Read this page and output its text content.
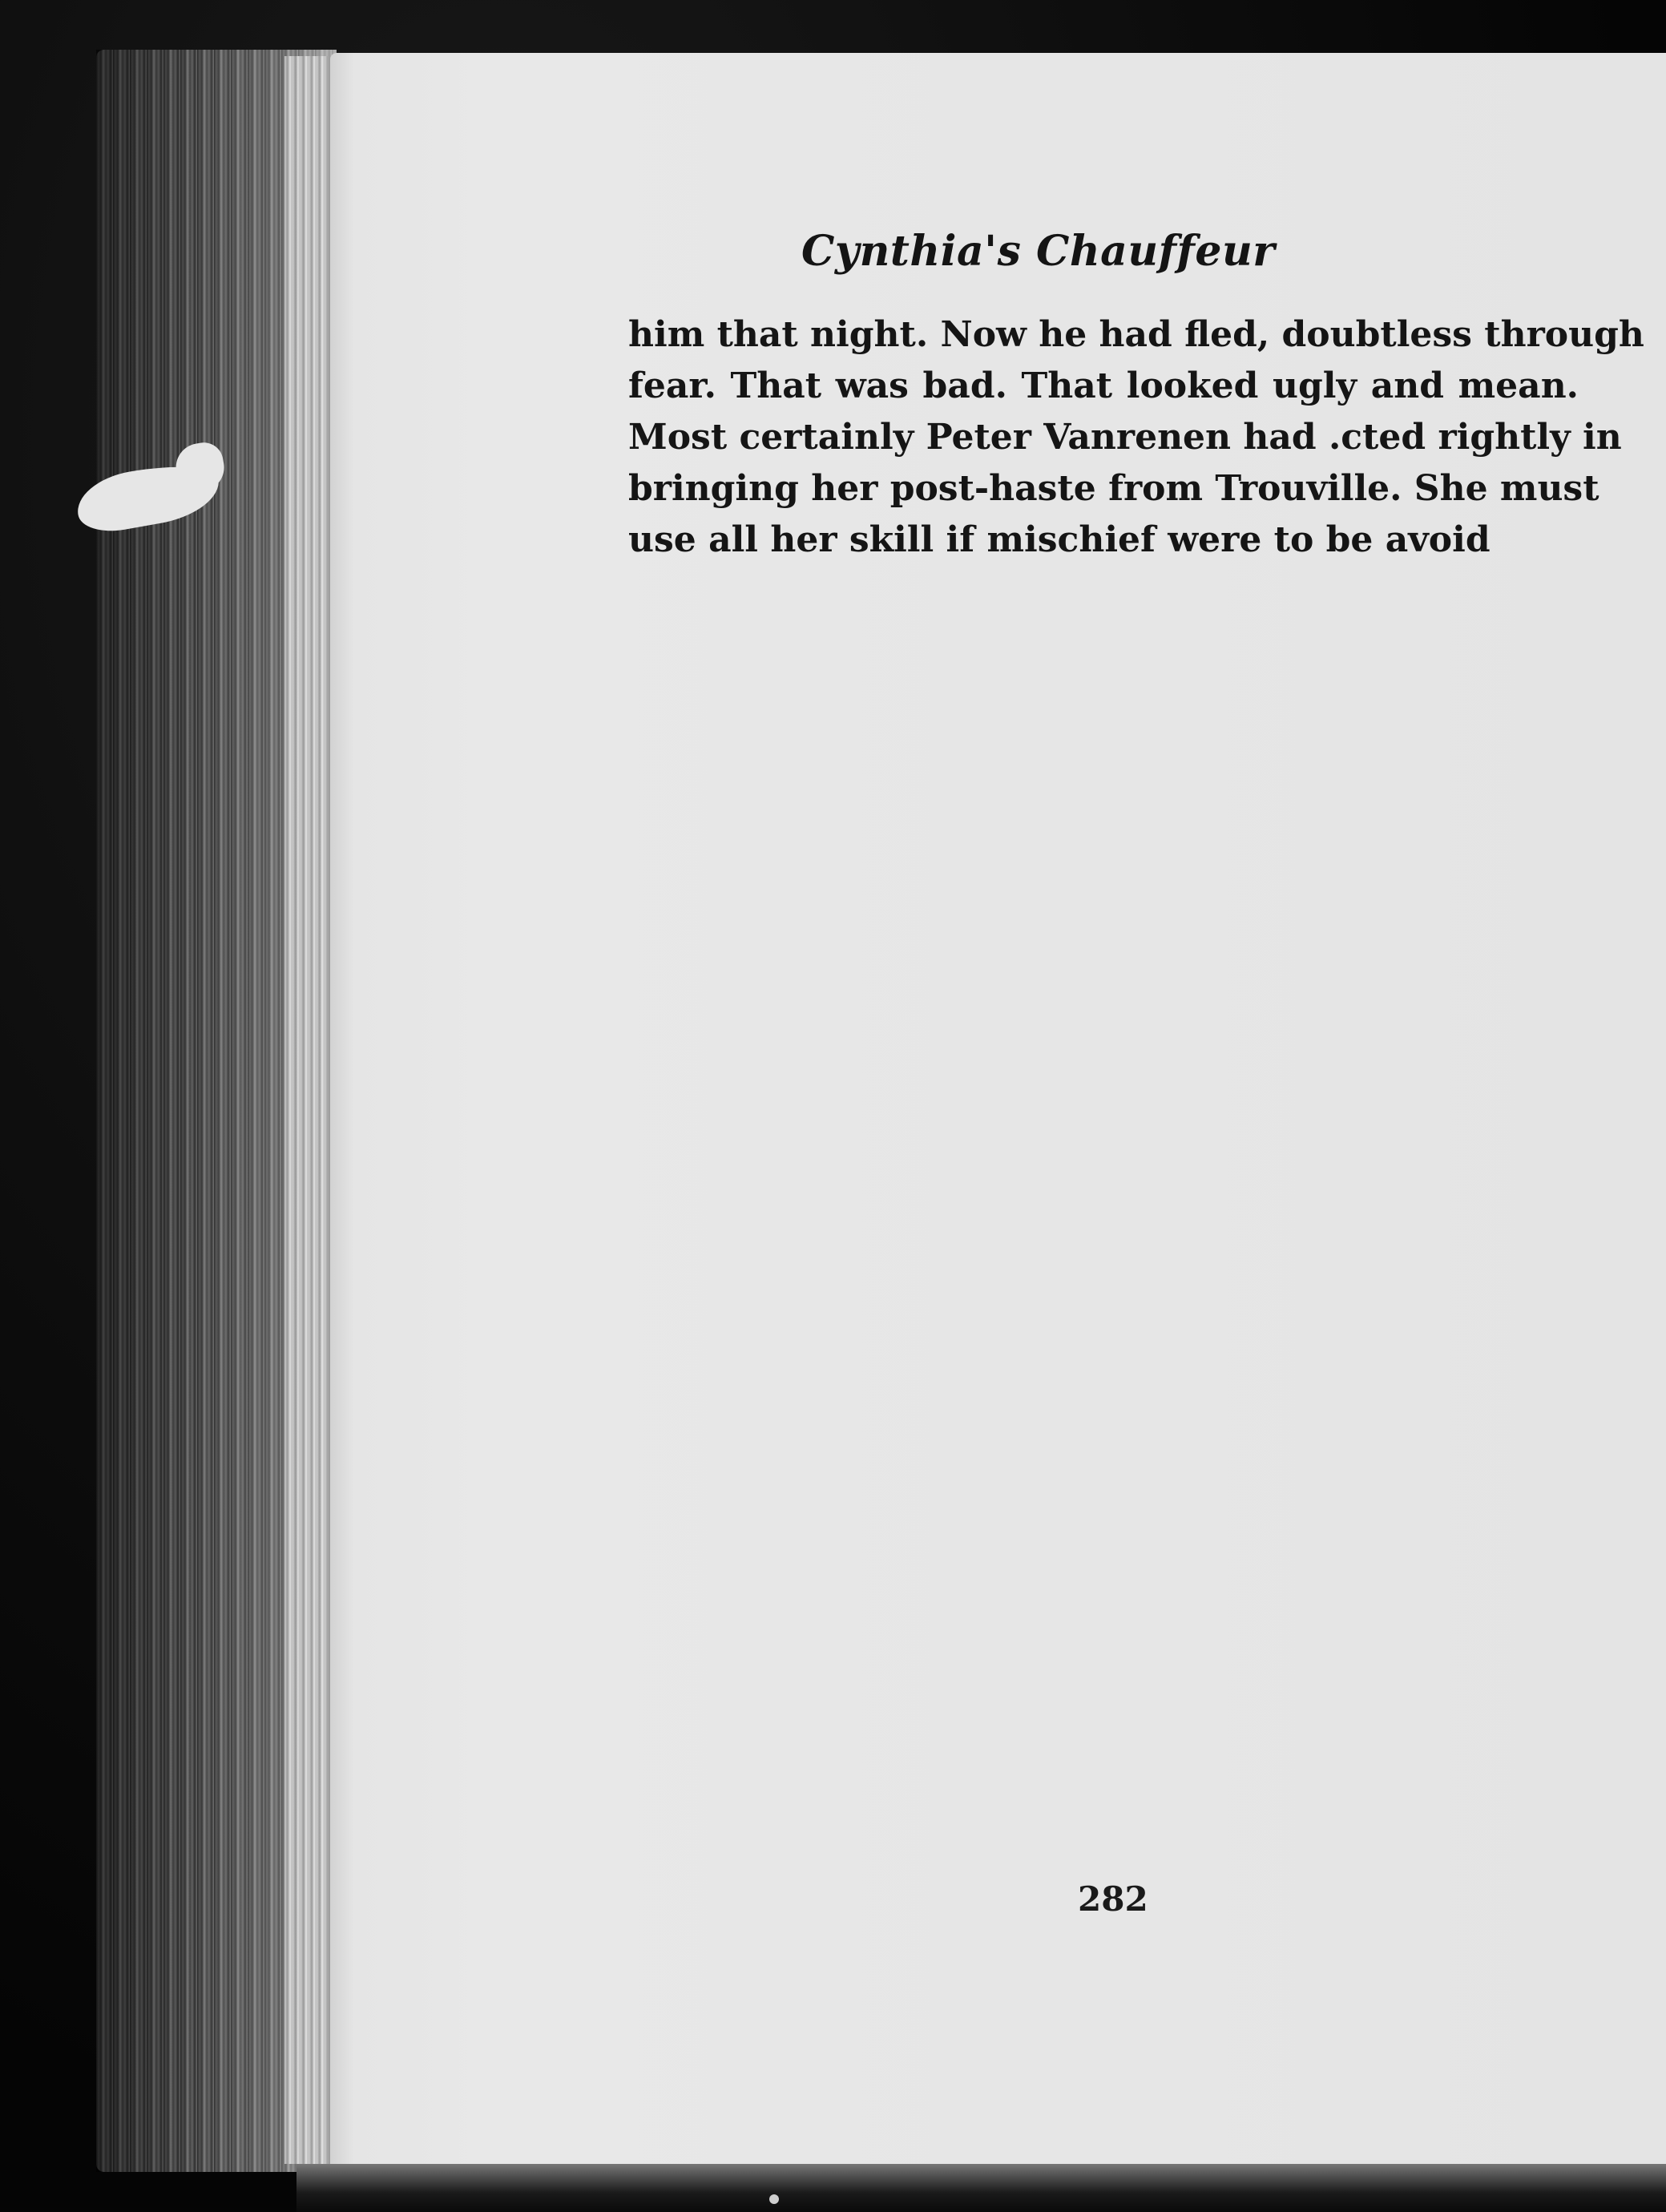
Cynthia's Chauffeur
him that night. Now he had fled, doubtless through
fear. That was bad. That looked ugly and mean.
Most certainly Peter Vanrenen had .cted rightly in
bringing her post-haste from Trouville. She must
use all her skill if mischief were to be avoid
282
